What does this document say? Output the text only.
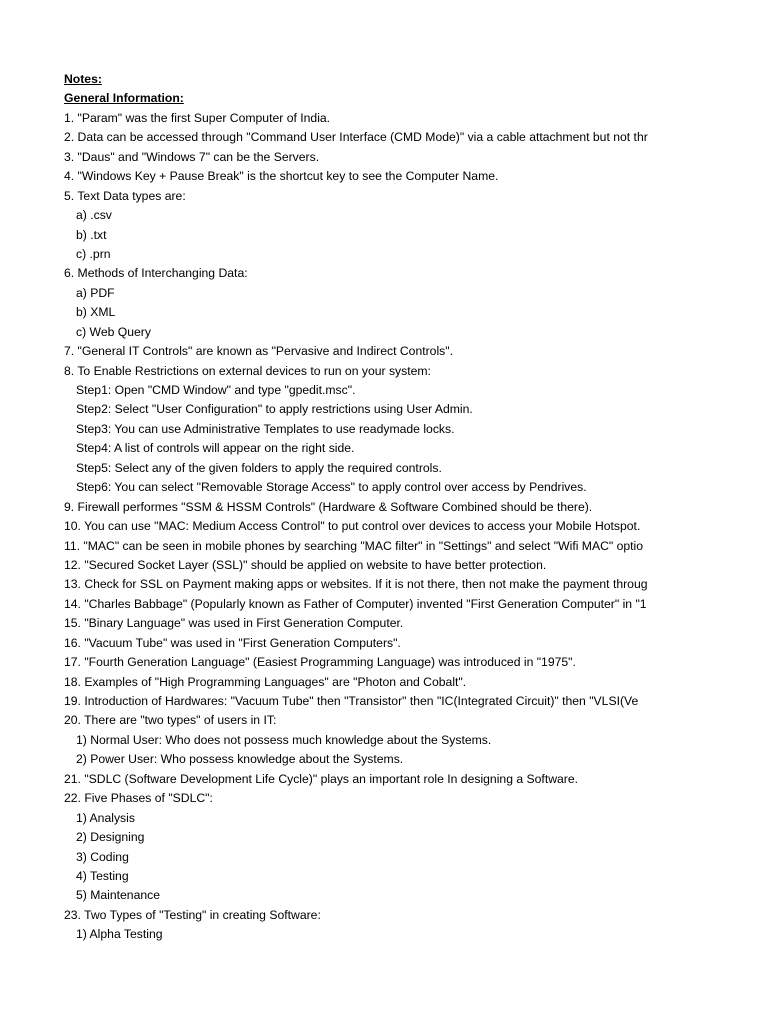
Notes:
General Information:
1. "Param" was the first Super Computer of India.
2. Data can be accessed through "Command User Interface (CMD Mode)" via a cable attachment but not thr
3. "Daus" and "Windows 7" can be the Servers.
4. "Windows Key + Pause Break" is the shortcut key to see the Computer Name.
5. Text Data types are:
a) .csv
b) .txt
c) .prn
6. Methods of Interchanging Data:
a) PDF
b) XML
c) Web Query
7. "General IT Controls" are known as "Pervasive and Indirect Controls".
8. To Enable Restrictions on external devices to run on your system:
Step1: Open "CMD Window" and type "gpedit.msc".
Step2: Select "User Configuration" to apply restrictions using User Admin.
Step3: You can use Administrative Templates to use readymade locks.
Step4: A list of controls will appear on the right side.
Step5: Select any of the given folders to apply the required controls.
Step6: You can select "Removable Storage Access" to apply control over access by Pendrives.
9. Firewall performes "SSM & HSSM Controls" (Hardware & Software Combined should be there).
10. You can use "MAC: Medium Access Control" to put control over devices to access your Mobile Hotspot.
11. "MAC" can be seen in mobile phones by searching "MAC filter" in "Settings" and select "Wifi MAC" optio
12. "Secured Socket Layer (SSL)" should be applied on website to have better protection.
13. Check for SSL on Payment making apps or websites. If it is not there, then not make the payment throug
14. "Charles Babbage" (Popularly known as Father of Computer) invented "First Generation Computer" in "1
15. "Binary Language" was used in First Generation Computer.
16. "Vacuum Tube" was used in "First Generation Computers".
17. "Fourth Generation Language" (Easiest Programming Language) was introduced in "1975".
18. Examples of "High Programming Languages" are "Photon and Cobalt".
19. Introduction of Hardwares: "Vacuum Tube" then "Transistor" then "IC(Integrated Circuit)" then "VLSI(Ve
20. There are "two types" of users in IT:
1) Normal User: Who does not possess much knowledge about the Systems.
2) Power User: Who possess knowledge about the Systems.
21. "SDLC (Software Development Life Cycle)" plays an important role In designing a Software.
22. Five Phases of "SDLC":
1) Analysis
2) Designing
3) Coding
4) Testing
5) Maintenance
23. Two Types of "Testing" in creating Software:
1) Alpha Testing
